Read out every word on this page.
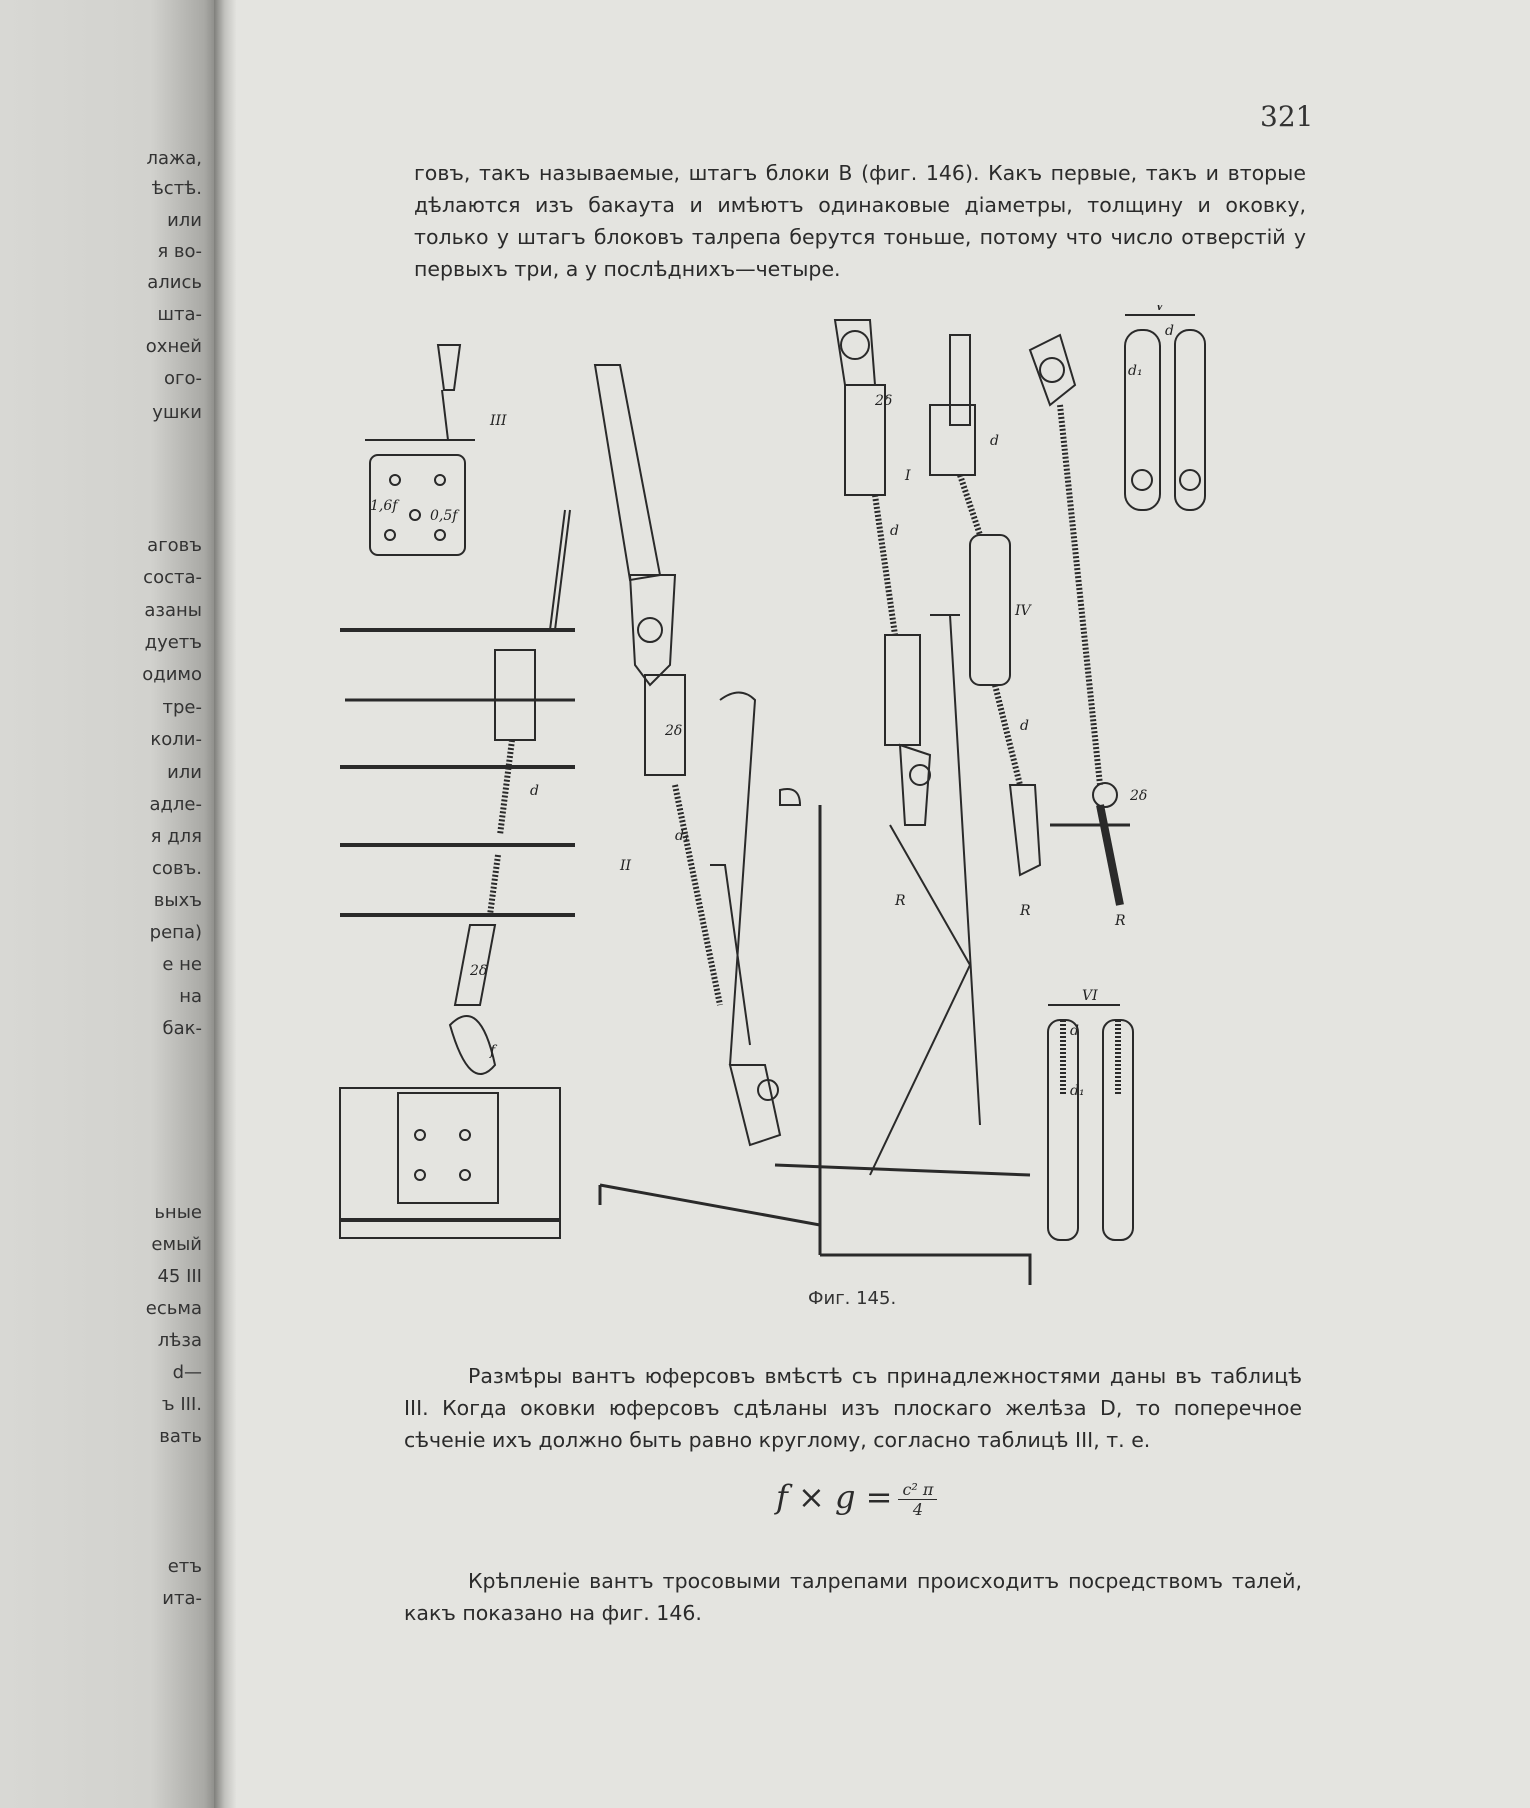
лажа,
ѣстѣ.
или
я во-
ались
шта-
охней
ого-
ушки
аговъ
соста-
азаны
дуетъ
одимо
тре-
коли-
или
адле-
я для
совъ.
выхъ
репа)
е не
на
бак-
ьные
емый
45 III
есьма
лѣза
d—
ъ III.
вать
етъ
ита-
321
говъ, такъ называемые, штагъ блоки B (фиг. 146). Какъ первые, такъ и вторые дѣлаются изъ бакаута и имѣютъ одинаковые діаметры, толщину и оковку, только у штагъ блоковъ талрепа берутся тоньше, потому что число отверстій у первыхъ три, а у послѣднихъ—четыре.
III
1,6f
0,5f
d
2δ
f
II
2δ
d₁
I
d
2δ
R
IV
d
d
2δ
R
R
V
d
d₁
VI
d
d₁
Фиг. 145.
Размѣры вантъ юферсовъ вмѣстѣ съ принадлежностями даны въ таблицѣ III. Когда оковки юферсовъ сдѣланы изъ плоскаго желѣза D, то поперечное сѣченіе ихъ должно быть равно круглому, согласно таблицѣ III, т. е.
$f \times g = \frac{\text{c² π}}{4}$
Крѣпленіе вантъ тросовыми талрепами происходитъ посредствомъ талей, какъ показано на фиг. 146.
